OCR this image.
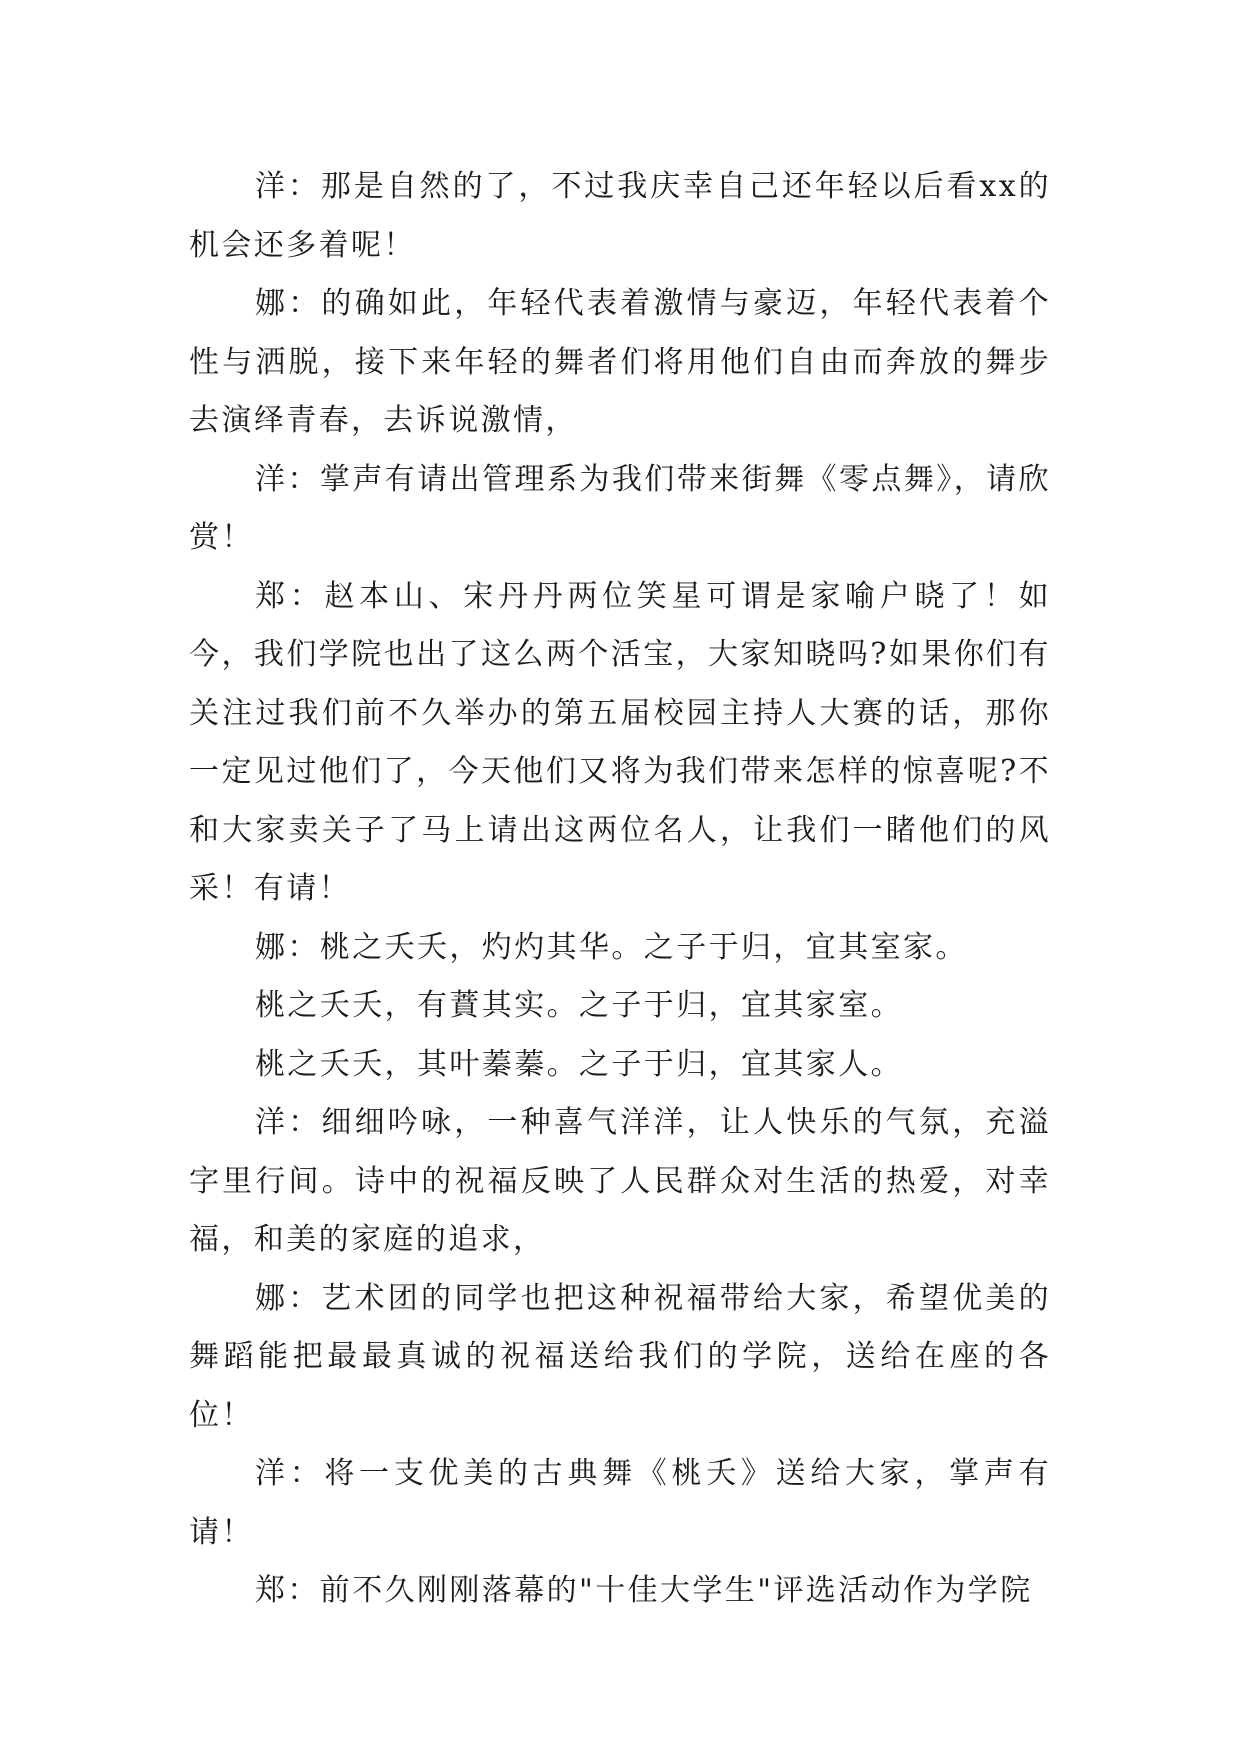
洋：那是自然的了，不过我庆幸自己还年轻以后看xx的机会还多着呢！

娜：的确如此，年轻代表着激情与豪迈，年轻代表着个性与洒脱，接下来年轻的舞者们将用他们自由而奔放的舞步去演绎青春，去诉说激情，

洋：掌声有请出管理系为我们带来街舞《零点舞》，请欣赏！

郑：赵本山、宋丹丹两位笑星可谓是家喻户晓了！如今，我们学院也出了这么两个活宝，大家知晓吗?如果你们有关注过我们前不久举办的第五届校园主持人大赛的话，那你一定见过他们了，今天他们又将为我们带来怎样的惊喜呢?不和大家卖关子了马上请出这两位名人，让我们一睹他们的风采！有请！

娜：桃之夭夭，灼灼其华。之子于归，宜其室家。

桃之夭夭，有蕡其实。之子于归，宜其家室。

桃之夭夭，其叶蓁蓁。之子于归，宜其家人。

洋：细细吟咏，一种喜气洋洋，让人快乐的气氛，充溢字里行间。诗中的祝福反映了人民群众对生活的热爱，对幸福，和美的家庭的追求，

娜：艺术团的同学也把这种祝福带给大家，希望优美的舞蹈能把最最真诚的祝福送给我们的学院，送给在座的各位！

洋：将一支优美的古典舞《桃夭》送给大家，掌声有请！

郑：前不久刚刚落幕的"十佳大学生"评选活动作为学院
